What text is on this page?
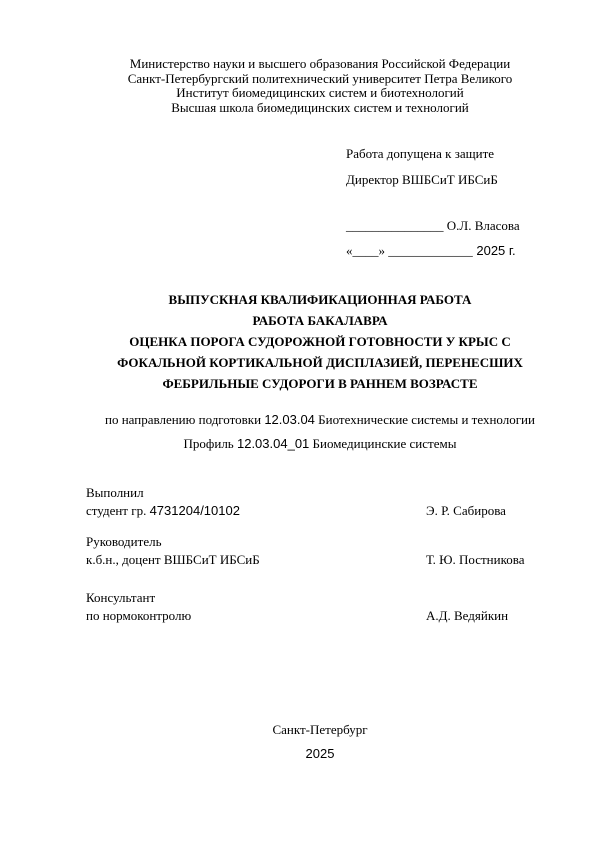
Министерство науки и высшего образования Российской Федерации
Санкт-Петербургский политехнический университет Петра Великого
Институт биомедицинских систем и биотехнологий
Высшая школа биомедицинских систем и технологий
Работа допущена к защите
Директор ВШБСиТ ИБСиБ
_______________ О.Л. Власова
«____» _____________ 2025 г.
ВЫПУСКНАЯ КВАЛИФИКАЦИОННАЯ РАБОТА
РАБОТА БАКАЛАВРА
ОЦЕНКА ПОРОГА СУДОРОЖНОЙ ГОТОВНОСТИ У КРЫС С
ФОКАЛЬНОЙ КОРТИКАЛЬНОЙ ДИСПЛАЗИЕЙ, ПЕРЕНЕСШИХ
ФЕБРИЛЬНЫЕ СУДОРОГИ В РАННЕМ ВОЗРАСТЕ
по направлению подготовки 12.03.04 Биотехнические системы и технологии
Профиль 12.03.04_01 Биомедицинские системы
Выполнил
студент гр. 4731204/10102	Э. Р. Сабирова
Руководитель
к.б.н., доцент ВШБСиТ ИБСиБ	Т. Ю. Постникова
Консультант
по нормоконтролю	А.Д. Ведяйкин
Санкт-Петербург
2025
